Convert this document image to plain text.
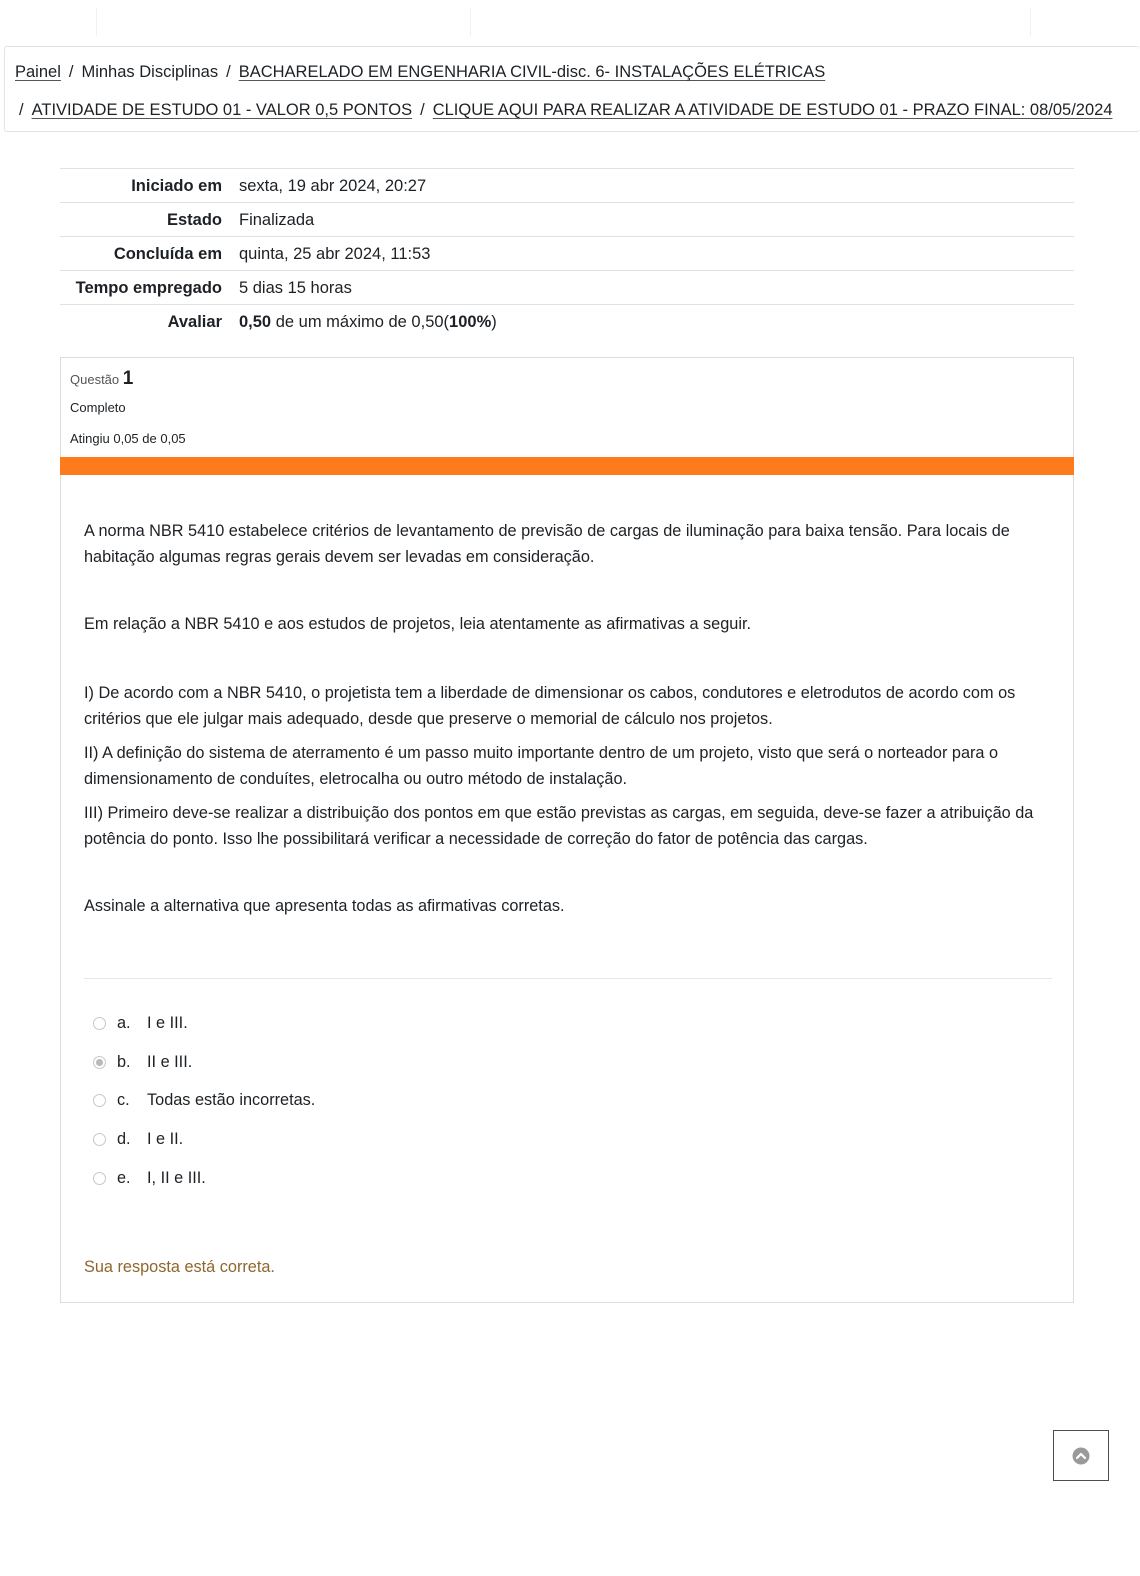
Painel / Minhas Disciplinas / BACHARELADO EM ENGENHARIA CIVIL-disc. 6- INSTALAÇÕES ELÉTRICAS
/ ATIVIDADE DE ESTUDO 01 - VALOR 0,5 PONTOS / CLIQUE AQUI PARA REALIZAR A ATIVIDADE DE ESTUDO 01 - PRAZO FINAL: 08/05/2024
Iniciado em	sexta, 19 abr 2024, 20:27
Estado	Finalizada
Concluída em	quinta, 25 abr 2024, 11:53
Tempo empregado	5 dias 15 horas
Avaliar	0,50 de um máximo de 0,50(100%)
Questão 1
Completo
Atingiu 0,05 de 0,05

A norma NBR 5410 estabelece critérios de levantamento de previsão de cargas de iluminação para baixa tensão. Para locais de habitação algumas regras gerais devem ser levadas em consideração.

Em relação a NBR 5410 e aos estudos de projetos, leia atentamente as afirmativas a seguir.

I) De acordo com a NBR 5410, o projetista tem a liberdade de dimensionar os cabos, condutores e eletrodutos de acordo com os critérios que ele julgar mais adequado, desde que preserve o memorial de cálculo nos projetos.

II) A definição do sistema de aterramento é um passo muito importante dentro de um projeto, visto que será o norteador para o dimensionamento de conduítes, eletrocalha ou outro método de instalação.

III) Primeiro deve-se realizar a distribuição dos pontos em que estão previstas as cargas, em seguida, deve-se fazer a atribuição da potência do ponto. Isso lhe possibilitará verificar a necessidade de correção do fator de potência das cargas.

Assinale a alternativa que apresenta todas as afirmativas corretas.

a.	I e III.
b.	II e III.
c.	Todas estão incorretas.
d.	I e II.
e.	I, II e III.
Sua resposta está correta.
